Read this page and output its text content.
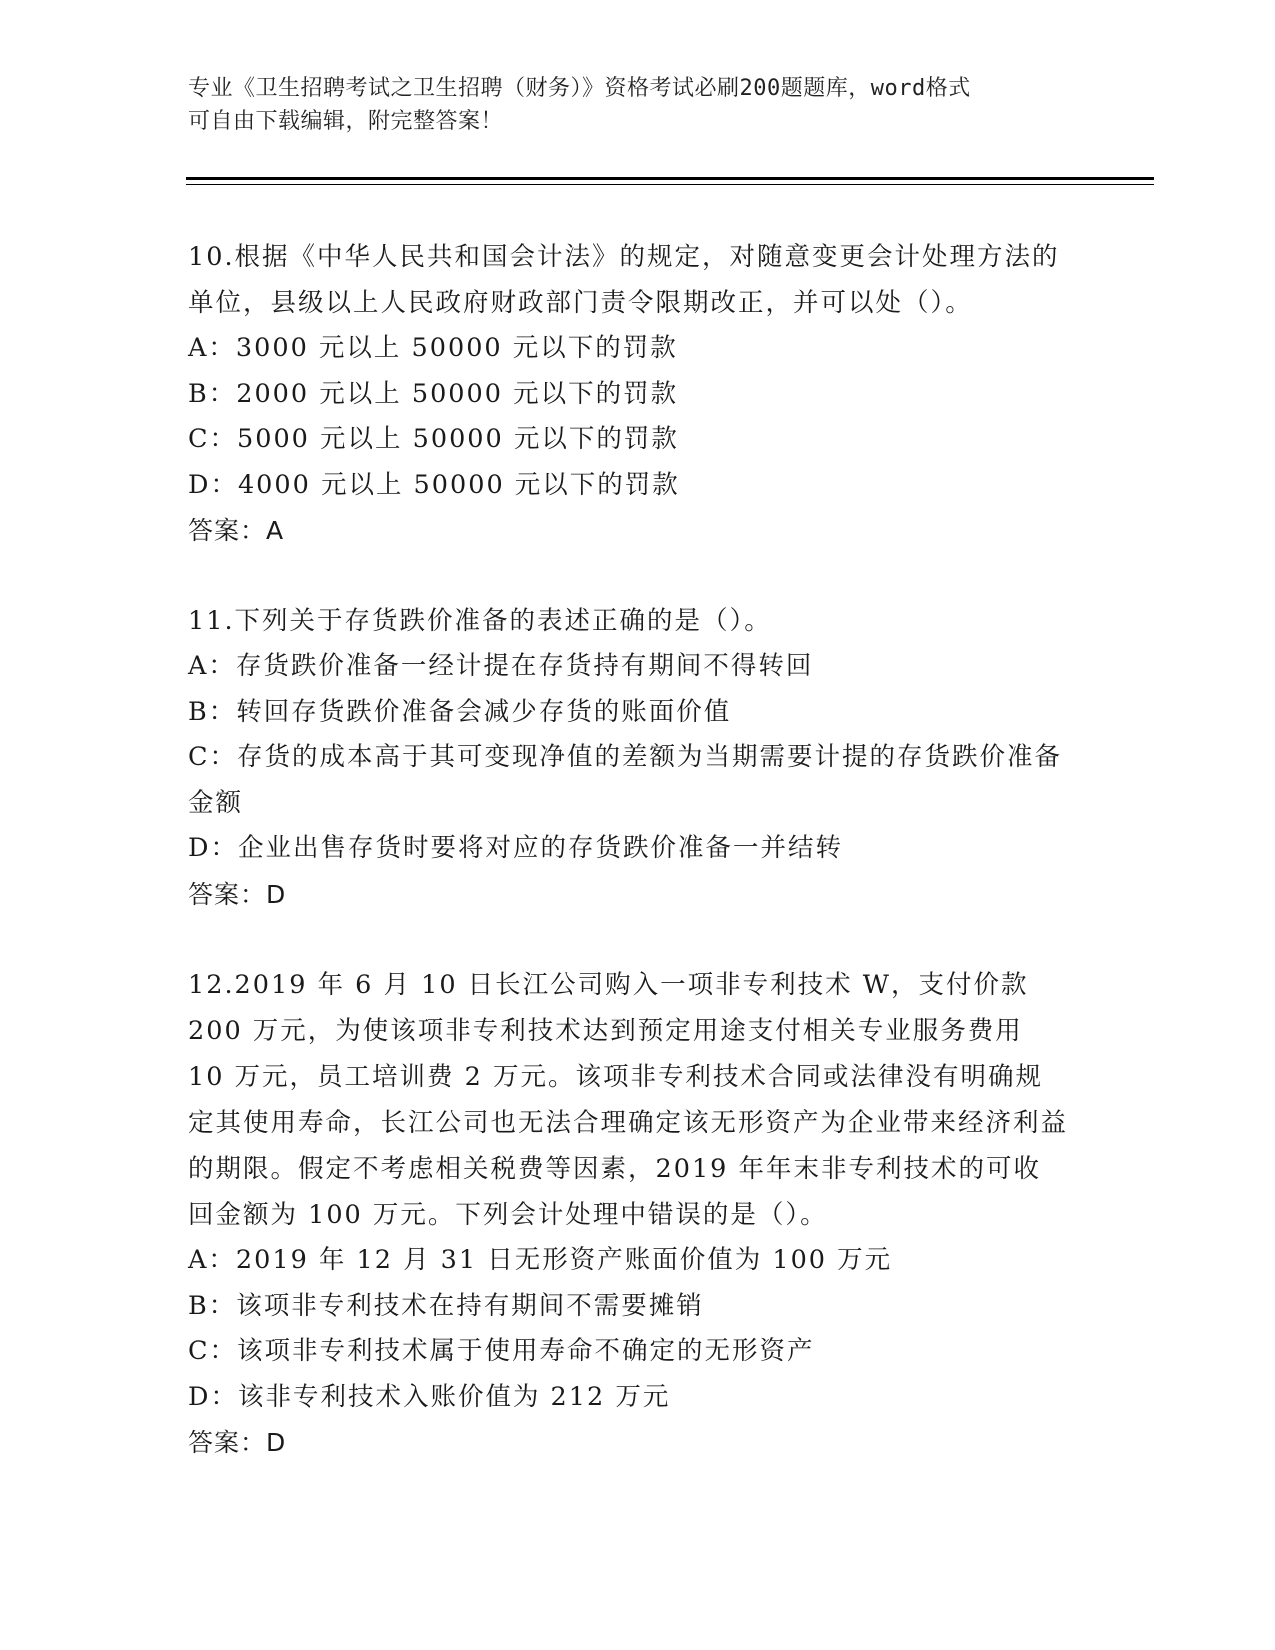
专业《卫生招聘考试之卫生招聘（财务）》资格考试必刷200题题库，word格式
可自由下载编辑，附完整答案！

10.根据《中华人民共和国会计法》的规定，对随意变更会计处理方法的单位，县级以上人民政府财政部门责令限期改正，并可以处（）。

A：3000 元以上 50000 元以下的罚款

B：2000 元以上 50000 元以下的罚款

C：5000 元以上 50000 元以下的罚款

D：4000 元以上 50000 元以下的罚款

答案：A

11.下列关于存货跌价准备的表述正确的是（）。

A：存货跌价准备一经计提在存货持有期间不得转回

B：转回存货跌价准备会减少存货的账面价值

C：存货的成本高于其可变现净值的差额为当期需要计提的存货跌价准备金额

D：企业出售存货时要将对应的存货跌价准备一并结转

答案：D

12.2019 年 6 月 10 日长江公司购入一项非专利技术 W，支付价款 200 万元，为使该项非专利技术达到预定用途支付相关专业服务费用 10 万元，员工培训费 2 万元。该项非专利技术合同或法律没有明确规定其使用寿命，长江公司也无法合理确定该无形资产为企业带来经济利益的期限。假定不考虑相关税费等因素，2019 年年末非专利技术的可收回金额为 100 万元。下列会计处理中错误的是（）。

A：2019 年 12 月 31 日无形资产账面价值为 100 万元

B：该项非专利技术在持有期间不需要摊销

C：该项非专利技术属于使用寿命不确定的无形资产

D：该非专利技术入账价值为 212 万元

答案：D
